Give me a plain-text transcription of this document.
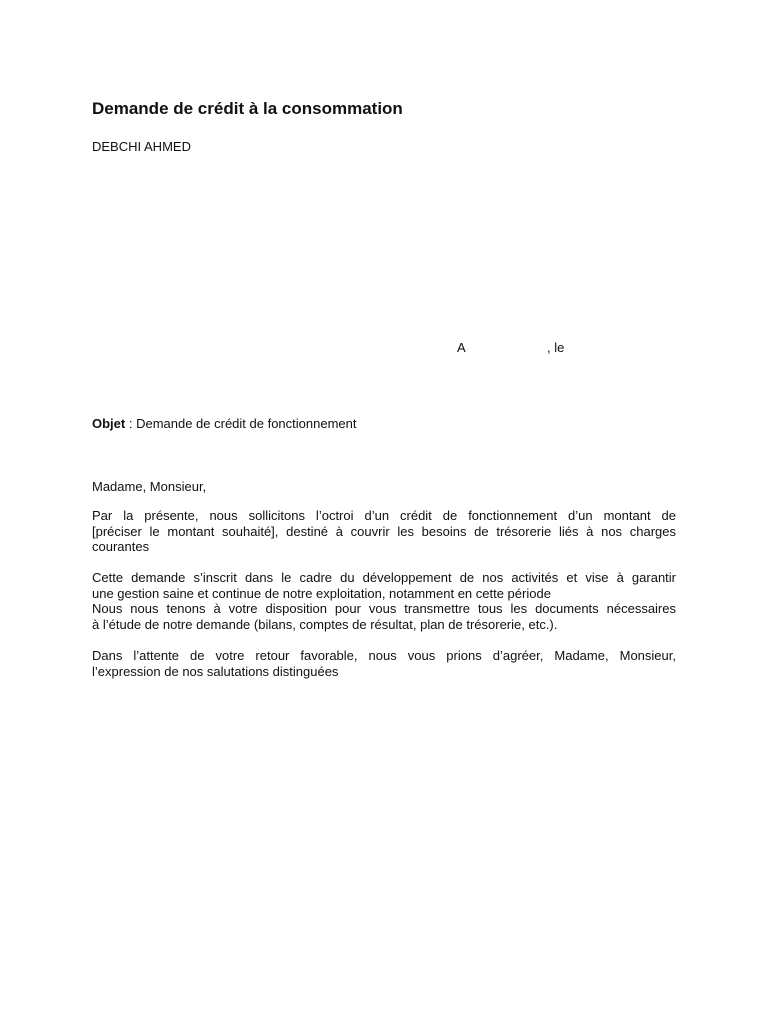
Demande de crédit à la consommation
DEBCHI AHMED
A	, le
Objet : Demande de crédit de fonctionnement
Madame, Monsieur,
Par la présente, nous sollicitons l’octroi d’un crédit de fonctionnement d’un montant de
[préciser le montant souhaité], destiné à couvrir les besoins de trésorerie liés à nos charges
courantes
Cette demande s’inscrit dans le cadre du développement de nos activités et vise à garantir
une gestion saine et continue de notre exploitation, notamment en cette période
Nous nous tenons à votre disposition pour vous transmettre tous les documents nécessaires
à l’étude de notre demande (bilans, comptes de résultat, plan de trésorerie, etc.).
Dans l’attente de votre retour favorable, nous vous prions d’agréer, Madame, Monsieur,
l’expression de nos salutations distinguées
